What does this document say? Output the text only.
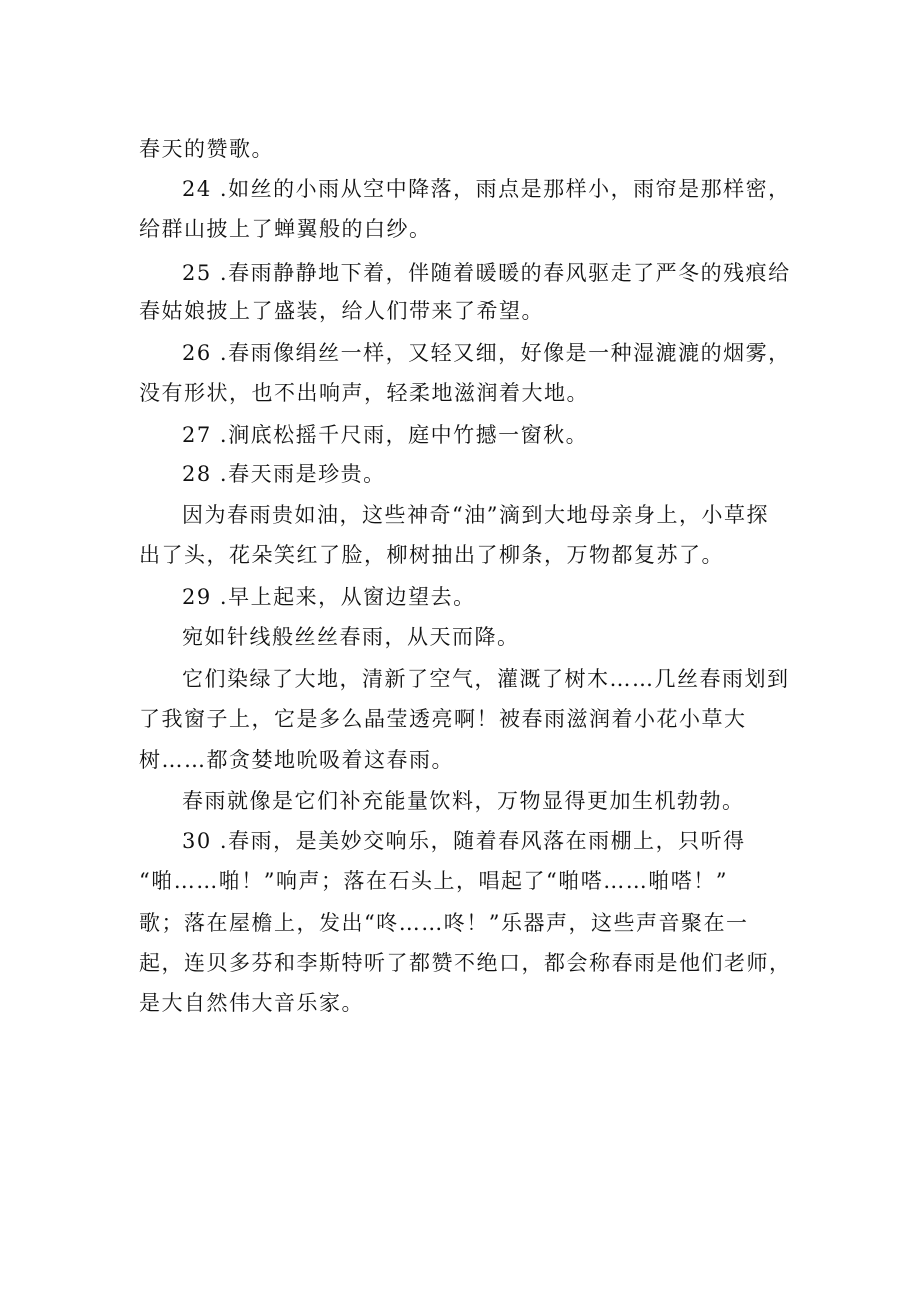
春天的赞歌。
24 .如丝的小雨从空中降落，雨点是那样小，雨帘是那样密，
给群山披上了蝉翼般的白纱。
25 .春雨静静地下着，伴随着暖暖的春风驱走了严冬的残痕给
春姑娘披上了盛装，给人们带来了希望。
26 .春雨像绢丝一样，又轻又细，好像是一种湿漉漉的烟雾，
没有形状，也不出响声，轻柔地滋润着大地。
27 .涧底松摇千尺雨，庭中竹撼一窗秋。
28 .春天雨是珍贵。
因为春雨贵如油，这些神奇“油”滴到大地母亲身上，小草探
出了头，花朵笑红了脸，柳树抽出了柳条，万物都复苏了。
29 .早上起来，从窗边望去。
宛如针线般丝丝春雨，从天而降。
它们染绿了大地，清新了空气，灌溉了树木……几丝春雨划到
了我窗子上，它是多么晶莹透亮啊！被春雨滋润着小花小草大
树……都贪婪地吮吸着这春雨。
春雨就像是它们补充能量饮料，万物显得更加生机勃勃。
30 .春雨，是美妙交响乐，随着春风落在雨棚上，只听得
“啪……啪！”响声；落在石头上，唱起了“啪嗒……啪嗒！”
歌；落在屋檐上，发出“咚……咚！”乐器声，这些声音聚在一
起，连贝多芬和李斯特听了都赞不绝口，都会称春雨是他们老师，
是大自然伟大音乐家。
